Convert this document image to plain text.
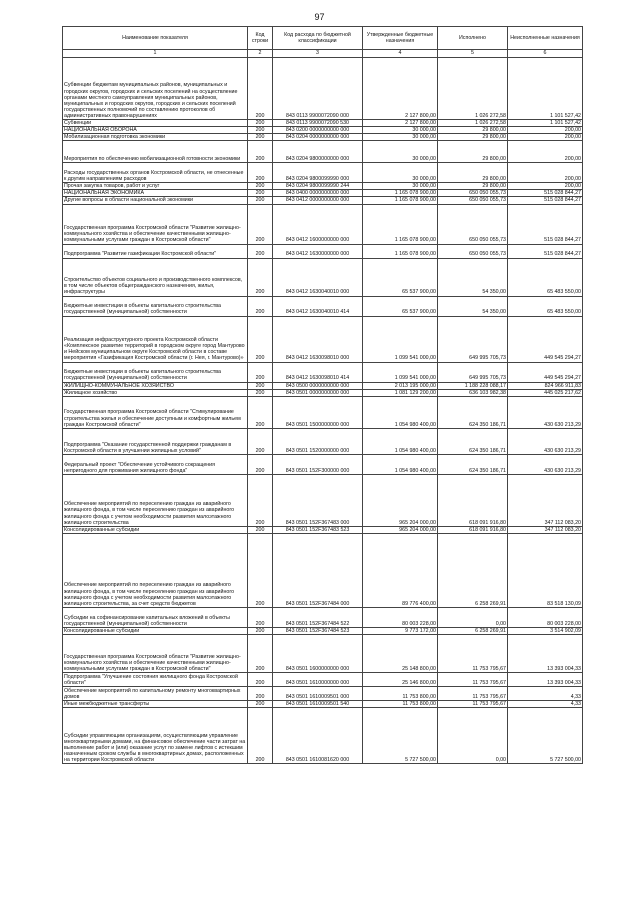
97
Наименование показателя	Код строки	Код расхода по бюджетной классификации	Утвержденные бюджетные назначения	Исполнено	Неисполненные назначения
1	2	3	4	5	6
Субвенции бюджетам муниципальных районов, муниципальных и городских округов, городских и сельских поселений на осуществление органами местного самоуправления муниципальных районов, муниципальных и городских округов, городских и сельских поселений государственных полномочий по составлению протоколов об административных правонарушениях	200	843 0113 9900072090 000	2 127 800,00	1 026 272,58	1 101 527,42
Субвенции	200	843 0113 9900072090 530	2 127 800,00	1 026 272,58	1 101 527,42
НАЦИОНАЛЬНАЯ ОБОРОНА	200	843 0200 0000000000 000	30 000,00	29 800,00	200,00
Мобилизационная подготовка экономики	200	843 0204 0000000000 000	30 000,00	29 800,00	200,00
Мероприятия по обеспечению мобилизационной готовности экономики	200	843 0204 9800000000 000	30 000,00	29 800,00	200,00
Расходы государственных органов Костромской области, не отнесенные к другим направлениям расходов	200	843 0204 9800099990 000	30 000,00	29 800,00	200,00
Прочая закупка товаров, работ и услуг	200	843 0204 9800099990 244	30 000,00	29 800,00	200,00
НАЦИОНАЛЬНАЯ ЭКОНОМИКА	200	843 0400 0000000000 000	1 165 078 900,00	650 050 055,73	515 028 844,27
Другие вопросы в области национальной экономики	200	843 0412 0000000000 000	1 165 078 900,00	650 050 055,73	515 028 844,27
Государственная программа Костромской области "Развитие жилищно-коммунального хозяйства и обеспечение качественными жилищно-коммунальными услугами граждан в Костромской области"	200	843 0412 1600000000 000	1 165 078 900,00	650 050 055,73	515 028 844,27
Подпрограмма "Развитие газификации Костромской области"	200	843 0412 1630000000 000	1 165 078 900,00	650 050 055,73	515 028 844,27
Строительство объектов социального и производственного комплексов, в том числе объектов общегражданского назначения, жилья, инфраструктуры	200	843 0412 1630040010 000	65 537 900,00	54 350,00	65 483 550,00
Бюджетные инвестиции в объекты капитального строительства государственной (муниципальной) собственности	200	843 0412 1630040010 414	65 537 900,00	54 350,00	65 483 550,00
Реализация инфраструктурного проекта Костромской области «Комплексное развитие территорий в городском округе город Мантурово и Нейском муниципальном округе Костромской области в составе мероприятия «Газификация Костромской области (г. Нея, г. Мантурово)»	200	843 0412 1630098010 000	1 099 541 000,00	649 995 705,73	449 545 294,27
Бюджетные инвестиции в объекты капитального строительства государственной (муниципальной) собственности	200	843 0412 1630098010 414	1 099 541 000,00	649 995 705,73	449 545 294,27
ЖИЛИЩНО-КОММУНАЛЬНОЕ ХОЗЯЙСТВО	200	843 0500 0000000000 000	2 013 195 000,00	1 188 228 088,17	824 966 911,83
Жилищное хозяйство	200	843 0501 0000000000 000	1 081 129 200,00	636 103 982,38	445 025 217,62
Государственная программа Костромской области "Стимулирование строительства жилья и обеспечение доступным и комфортным жильем граждан Костромской области"	200	843 0501 1500000000 000	1 054 980 400,00	624 350 186,71	430 630 213,29
Подпрограмма "Оказание государственной поддержки гражданам в Костромской области в улучшении жилищных условий"	200	843 0501 1520000000 000	1 054 980 400,00	624 350 186,71	430 630 213,29
Федеральный проект "Обеспечение устойчивого сокращения непригодного для проживания жилищного фонда"	200	843 0501 152F300000 000	1 054 980 400,00	624 350 186,71	430 630 213,29
Обеспечение мероприятий по переселению граждан из аварийного жилищного фонда, в том числе переселению граждан из аварийного жилищного фонда с учетом необходимости развития малоэтажного жилищного строительства	200	843 0501 152F367483 000	965 204 000,00	618 091 916,80	347 112 083,20
Консолидированные субсидии	200	843 0501 152F367483 523	965 204 000,00	618 091 916,80	347 112 083,20
Обеспечение мероприятий по переселению граждан из аварийного жилищного фонда, в том числе переселению граждан из аварийного жилищного фонда с учетом необходимости развития малоэтажного жилищного строительства, за счет средств бюджетов	200	843 0501 152F367484 000	89 776 400,00	6 258 269,91	83 518 130,09
Субсидии на софинансирование капитальных вложений в объекты государственной (муниципальной) собственности	200	843 0501 152F367484 522	80 003 228,00	0,00	80 003 228,00
Консолидированные субсидии	200	843 0501 152F367484 523	9 773 172,00	6 258 269,91	3 514 902,09
Государственная программа Костромской области "Развитие жилищно-коммунального хозяйства и обеспечение качественными жилищно-коммунальными услугами граждан в Костромской области"	200	843 0501 1600000000 000	25 148 800,00	11 753 795,67	13 393 004,33
Подпрограмма "Улучшение состояния жилищного фонда Костромской области"	200	843 0501 1610000000 000	25 146 800,00	11 753 795,67	13 393 004,33
Обеспечение мероприятий по капитальному ремонту многоквартирных домов	200	843 0501 1610009501 000	11 753 800,00	11 753 795,67	4,33
Иные межбюджетные трансферты	200	843 0501 1610009501 540	11 753 800,00	11 753 795,67	4,33
Субсидии управляющим организациям, осуществляющим управление многоквартирными домами, на финансовое обеспечение части затрат на выполнение работ и (или) оказание услуг по замене лифтов с истекшим назначенным сроком службы в многоквартирных домах, расположенных на территории Костромской области	200	843 0501 1610081620 000	5 727 500,00	0,00	5 727 500,00
